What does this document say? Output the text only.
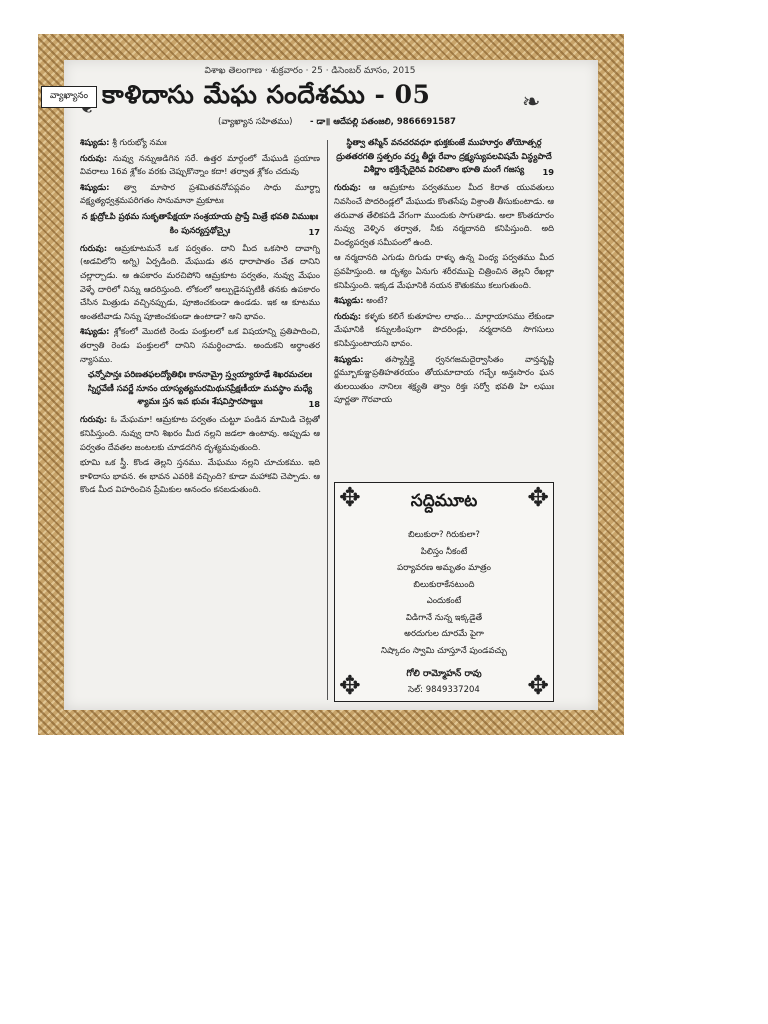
❧
విశాఖ తెలంగాణ · శుక్రవారం · 25 · డిసెంబర్ మాసం, 2015
వ్యాఖ్యానం కాళిదాసు మేఘ సందేశము - 05
(వ్యాఖ్యాన సహితము) - డా॥ ఆదేపల్లి పతంజలి, 9866691587

శిష్యుడు: శ్రీ గురుభ్యో నమః

గురువు: నువ్వు నన్నుఅడిగిన సరే. ఉత్తర మార్గంలో మేఘుడి ప్రయాణ వివరాలు 16వ శ్లోకం వరకు చెప్పుకొన్నాం కదా! తర్వాత శ్లోకం చదువు

శిష్యుడు: త్వా మాసార ప్రశమితవనోపప్లవం సాధు మూర్ధ్నా వక్ష్యత్యధ్వశ్రమపరిగతం సానుమానా మ్రకూటః

న క్షుద్రోఽపి ప్రథమ సుకృతాపేక్షయా సంశ్రయాయ ప్రాప్తే మిత్రే భవతి విముఖః కిం పునర్యస్తథోచ్చైః	17

గురువు: ఆమ్రకూటమనే ఒక పర్వతం. దాని మీద ఒకసారి దావాగ్ని (అడవిలోని అగ్ని) ఏర్పడింది. మేఘుడు తన ధారాపాతం చేత దానిని చల్లార్చాడు. ఆ ఉపకారం మరచిపోని ఆమ్రకూట పర్వతం, నువ్వు మేఘం వెళ్ళే దారిలో నిన్ను ఆదరిస్తుంది. లోకంలో అల్పుడైనప్పటికీ తనకు ఉపకారం చేసిన మిత్రుడు వచ్చినప్పుడు, పూజించకుండా ఉండడు. ఇక ఆ కూటము అంతటివాడు నిన్ను పూజించకుండా ఉంటాడా? అని భావం.

శిష్యుడు: శ్లోకంలో మొదటి రెండు పంక్తులలో ఒక విషయాన్ని ప్రతిపాదించి, తర్వాతి రెండు పంక్తులలో దానిని సమర్థించాడు. అందుకని అర్థాంతర న్యాసము.

ఛన్నోపాన్తః పరిణతఫలద్యోతిభిః కాననామ్రై స్త్వయ్యారూఢే శిఖరమచలః స్నిగ్ధవేణీ సవర్ణే నూనం యాస్యత్యమరమిథునప్రేక్షణీయా మవస్థాం మధ్యే శ్యామః స్తన ఇవ భువః శేషవిస్తారపాణ్డుః	18

గురువు: ఓ మేఘమా! ఆమ్రకూట పర్వతం చుట్టూ పండిన మామిడి చెట్లతో కనిపిస్తుంది. నువ్వు దాని శిఖరం మీద నల్లని జడలా ఉంటావు. అప్పుడు ఆ పర్వతం దేవతల జంటలకు చూడదగిన దృశ్యమవుతుంది.

భూమి ఒక స్త్రీ. కొండ తెల్లని స్తనము. మేఘము నల్లని చూచుకము. ఇది కాళిదాసు భావన. ఈ భావన ఎవరికి వచ్చింది? కూడా మహాకవి చెప్పాడు. ఆ కొండ మీద విహరించిన ప్రేమికుల ఆనందం కనబడుతుంది.

స్థిత్వా తస్మిన్ వనచరవధూ భుక్తకుంజే ముహూర్తం తోయోత్సర్గ ద్రుతతరగతి స్తత్పరం వర్త్మ తీర్ణః రేవాం ద్రక్ష్యస్యుపలవిషమే విన్ధ్యపాదే విశీర్ణాం భక్తిచ్ఛేదైరివ విరచితాం భూతి మంగే గజస్య	19

గురువు: ఆ ఆమ్రకూట పర్వతముల మీద కిరాత యువతులు నివసించే పొదరిండ్లలో మేఘుడు కొంతసేపు విశ్రాంతి తీసుకుంటాడు. ఆ తరువాత తేలికపడి వేగంగా ముందుకు సాగుతాడు. అలా కొంతదూరం నువ్వు వెళ్ళిన తర్వాత, నీకు నర్మదానది కనిపిస్తుంది. అది వింధ్యపర్వత సమీపంలో ఉంది.

ఆ నర్మదానది ఎగుడు దిగుడు రాళ్ళు ఉన్న వింధ్య పర్వతము మీద ప్రవహిస్తుంది. ఆ దృశ్యం ఏనుగు శరీరముపై చిత్రించిన తెల్లని రేఖల్లా కనిపిస్తుంది. ఇక్కడ మేఘానికి నయన కౌతుకము కలుగుతుంది.

శిష్యుడు: అంటే?

గురువు: కళ్ళకు కలిగే కుతూహల లాభం... మార్గాయాసము లేకుండా మేఘానికి కన్నులకింపుగా పొదరిండ్లు, నర్మదానది సొగసులు కనిపిస్తుంటాయని భావం.

శిష్యుడు: తస్యాస్తిక్తై ర్వనగజమదైర్వాసితం వాన్తవృష్టి ర్జమ్బూకుఞ్జప్రతిహతరయం తోయమాదాయ గచ్ఛేః అన్తఃసారం ఘన తులయితుం నానిలః శక్ష్యతి త్వాం రిక్తః సర్వో భవతి హి లఘుః పూర్ణతా గౌరవాయ

✥	✥
✥	✥
సద్దిమూట
బిలుకురా? గిరుకులా?
పిలిస్తం నీకంటే
పర్యావరణ అమృతం మాత్రం
బిలుకురాకేనటుంది
ఎందుకంటే
విడిగానే నున్న ఇక్కడైతే
అరదుగుల దూరమే పైగా
నిష్కాదం స్వామి చూస్తూనే పుండవచ్చు
గోలి రామ్మోహన్ రావు
సెల్: 9849337204
